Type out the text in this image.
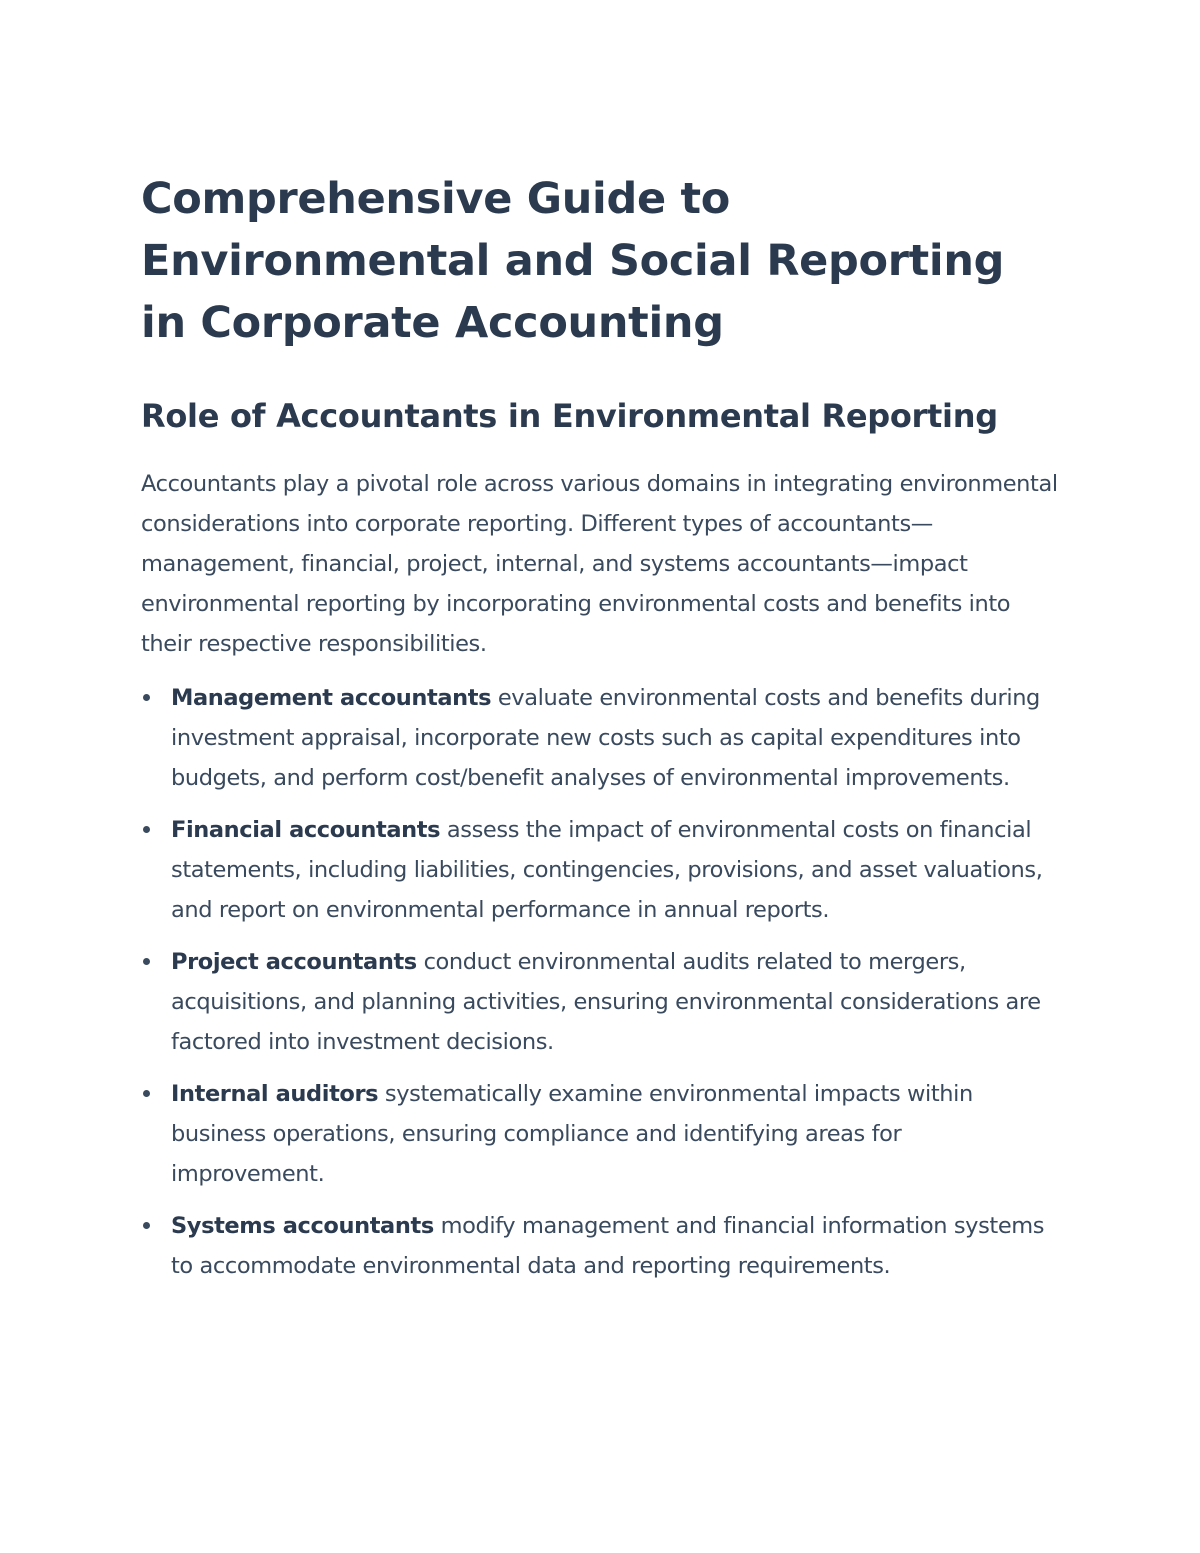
Comprehensive Guide to Environmental and Social Reporting in Corporate Accounting
Role of Accountants in Environmental Reporting

Accountants play a pivotal role across various domains in integrating environmental considerations into corporate reporting. Different types of accountants—management, financial, project, internal, and systems accountants—impact environmental reporting by incorporating environmental costs and benefits into their respective responsibilities.

Management accountants evaluate environmental costs and benefits during investment appraisal, incorporate new costs such as capital expenditures into budgets, and perform cost/benefit analyses of environmental improvements.
Financial accountants assess the impact of environmental costs on financial statements, including liabilities, contingencies, provisions, and asset valuations, and report on environmental performance in annual reports.
Project accountants conduct environmental audits related to mergers, acquisitions, and planning activities, ensuring environmental considerations are factored into investment decisions.
Internal auditors systematically examine environmental impacts within business operations, ensuring compliance and identifying areas for improvement.
Systems accountants modify management and financial information systems to accommodate environmental data and reporting requirements.
